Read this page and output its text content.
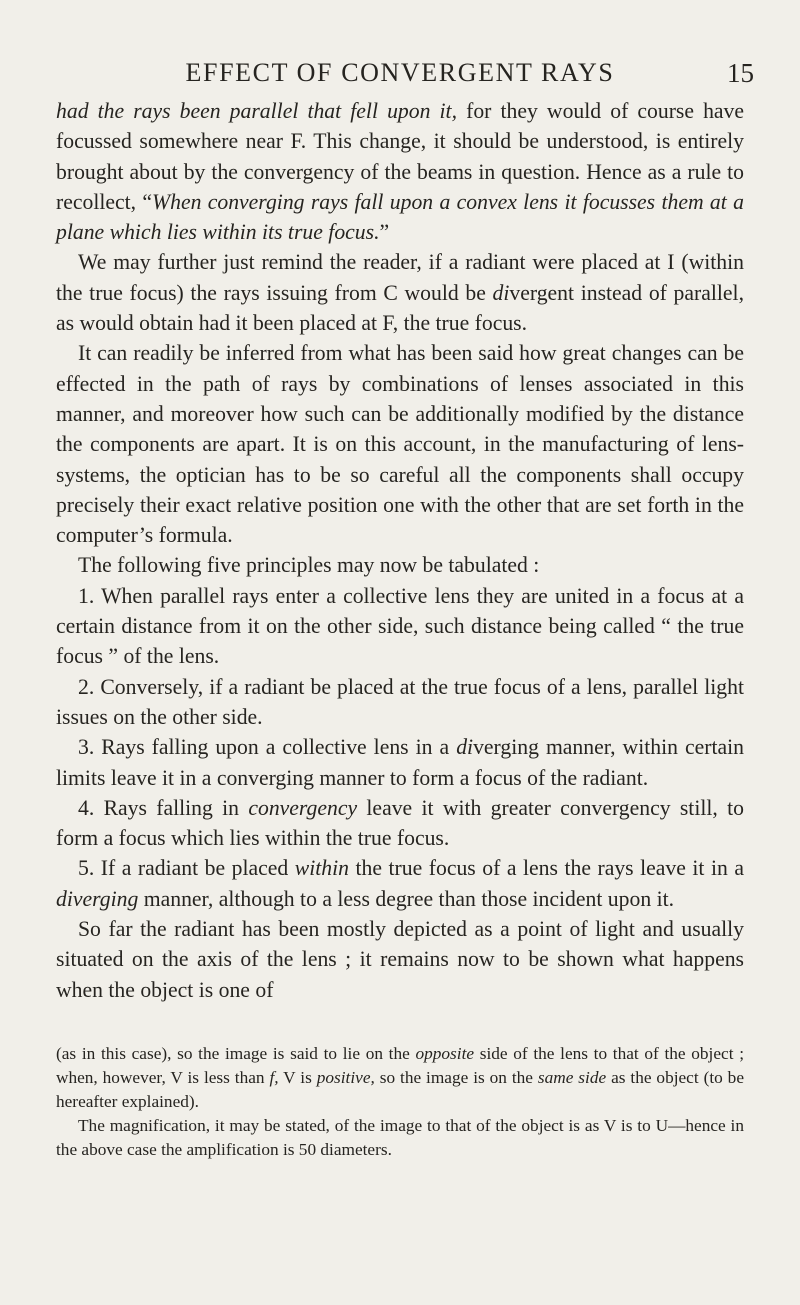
EFFECT OF CONVERGENT RAYS	15

had the rays been parallel that fell upon it, for they would of course have focussed somewhere near F. This change, it should be understood, is entirely brought about by the convergency of the beams in question. Hence as a rule to recollect, “When converging rays fall upon a convex lens it focusses them at a plane which lies within its true focus.”

We may further just remind the reader, if a radiant were placed at I (within the true focus) the rays issuing from C would be divergent instead of parallel, as would obtain had it been placed at F, the true focus.

It can readily be inferred from what has been said how great changes can be effected in the path of rays by combinations of lenses associated in this manner, and moreover how such can be additionally modified by the distance the components are apart. It is on this account, in the manufacturing of lens-systems, the optician has to be so careful all the components shall occupy precisely their exact relative position one with the other that are set forth in the computer’s formula.

The following five principles may now be tabulated :

1. When parallel rays enter a collective lens they are united in a focus at a certain distance from it on the other side, such distance being called “ the true focus ” of the lens.

2. Conversely, if a radiant be placed at the true focus of a lens, parallel light issues on the other side.

3. Rays falling upon a collective lens in a diverging manner, within certain limits leave it in a converging manner to form a focus of the radiant.

4. Rays falling in convergency leave it with greater convergency still, to form a focus which lies within the true focus.

5. If a radiant be placed within the true focus of a lens the rays leave it in a diverging manner, although to a less degree than those incident upon it.

So far the radiant has been mostly depicted as a point of light and usually situated on the axis of the lens ; it remains now to be shown what happens when the object is one of

(as in this case), so the image is said to lie on the opposite side of the lens to that of the object ; when, however, V is less than f, V is positive, so the image is on the same side as the object (to be hereafter explained).

The magnification, it may be stated, of the image to that of the object is as V is to U—hence in the above case the amplification is 50 diameters.
